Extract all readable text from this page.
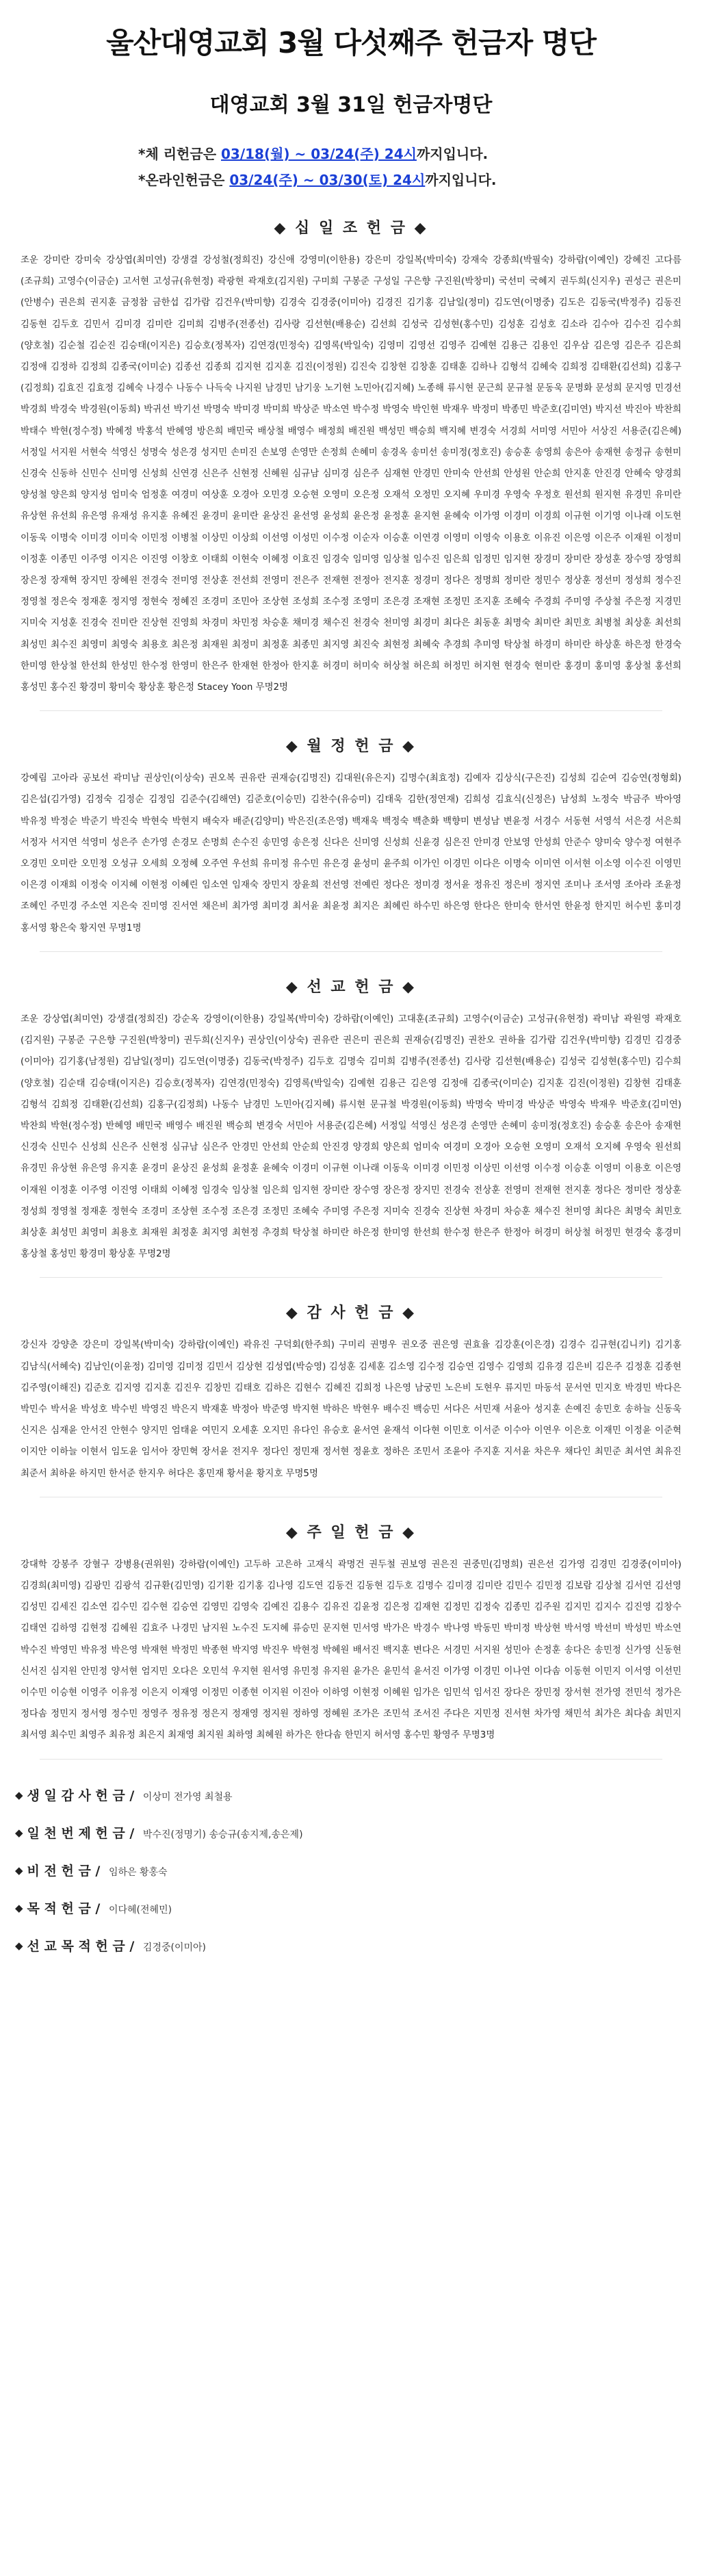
울산대영교회 3월 다섯째주 헌금자 명단
대영교회 3월 31일 헌금자명단
*체 리헌금은 03/18(월) ~ 03/24(주) 24시까지입니다.
*온라인헌금은 03/24(주) ~ 03/30(토) 24시까지입니다.
◆ 십 일 조 헌 금 ◆
조운 강미란 강미숙 강상엽(최미연) 강생결 강성철(정희진) 강신애 강영미(이한용) 강은미 강일복(박미숙) 강재숙 강종희(박필숙) 강하람(이예인) 강혜진 고다름(조규희) 고영수(이금순) 고서현 고성규(유현정) 곽광현 곽재호(김지원) 구미희 구봉준 구성일 구은향 구진원(박창미) 국선미 국혜지 권두희(신지우) 권성근 권은미(안병수) 권은희 권지훈 금정참 금한섭 김가람 김건우(박미향) 김경숙 김경중(이미아) 김경진 김기홍 김남일(정미) 김도연(이명중) 김도은 김동국(박정주) 김동진 김동현 김두호 김민서 김미경 김미란 김미희 김병주(전종선) 김사랑 김선현(배용순) 김선희 김성국 김성현(홍수민) 김성훈 김성호 김소라 김수아 김수진 김수희(양호철) 김순철 김순진 김승태(이지은) 김승호(정복자) 김연경(민정숙) 김영록(박일숙) 김영미 김영선 김영주 김예현 김용근 김용인 김우삼 김은영 김은주 김은희 김정애 김정하 김정희 김종국(이미순) 김종선 김종희 김지현 김지훈 김진(이정원) 김진숙 김창현 김창훈 김태훈 김하나 김형석 김혜숙 김희정 김태환(김선희) 김홍구(김정희) 김효진 김효정 김혜숙 나경수 나동수 나득숙 나지원 남경민 남기웅 노기현 노민아(김지혜) 노종해 류시현 문근희 문규철 문동욱 문명화 문성희 문지영 민경선 박경희 박경숙 박경원(이동희) 박귀선 박기선 박명숙 박미경 박미희 박상준 박소연 박수정 박영숙 박인현 박재우 박정미 박종민 박준호(김미연) 박지선 박진아 박찬희 박태수 박현(정수정) 박혜정 박홍석 반혜영 방은희 배민국 배상철 배영수 배정희 배진원 백성민 백승희 백지혜 변경숙 서경희 서미영 서민아 서상진 서용준(김은혜) 서정일 서지원 서현숙 석영신 성명숙 성은경 성지민 손미진 손보영 손영만 손정희 손혜미 송경옥 송미선 송미정(정호진) 송승훈 송영희 송은아 송재현 송정규 송현미 신경숙 신동하 신민수 신미영 신성희 신연경 신은주 신현정 신혜원 심규남 심미경 심은주 심재현 안경민 안미숙 안선희 안성원 안순희 안지훈 안진경 안혜숙 양경희 양성철 양은희 양지성 엄미숙 엄정훈 여경미 여상훈 오경아 오민경 오승현 오영미 오은정 오재석 오정민 오지혜 우미경 우영숙 우정호 원선희 원지현 유경민 유미란 유상현 유선희 유은영 유재성 유지훈 유혜진 윤경미 윤미란 윤상진 윤선영 윤성희 윤은정 윤정훈 윤지현 윤혜숙 이가영 이경미 이경희 이규현 이기영 이나래 이도현 이동욱 이명숙 이미경 이미숙 이민정 이병철 이상민 이상희 이선영 이성민 이수정 이순자 이승훈 이연경 이영미 이영숙 이용호 이유진 이은영 이은주 이재원 이정미 이정훈 이종민 이주영 이지은 이진영 이창호 이태희 이현숙 이혜정 이효진 임경숙 임미영 임상철 임수진 임은희 임정민 임지현 장경미 장미란 장성훈 장수영 장영희 장은정 장재혁 장지민 장혜원 전경숙 전미영 전상훈 전선희 전영미 전은주 전재현 전정아 전지훈 정경미 정다은 정명희 정미란 정민수 정상훈 정선미 정성희 정수진 정영철 정은숙 정재훈 정지영 정현숙 정혜진 조경미 조민아 조상현 조성희 조수정 조영미 조은경 조재현 조정민 조지훈 조혜숙 주경희 주미영 주상철 주은정 지경민 지미숙 지성훈 진경숙 진미란 진상현 진영희 차경미 차민정 차승훈 채미경 채수진 천경숙 천미영 최경미 최다은 최동훈 최명숙 최미란 최민호 최병철 최상훈 최선희 최성민 최수진 최영미 최영숙 최용호 최은정 최재원 최정미 최정훈 최종민 최지영 최진숙 최현정 최혜숙 추경희 추미영 탁상철 하경미 하미란 하상훈 하은정 한경숙 한미영 한상철 한선희 한성민 한수정 한영미 한은주 한재현 한정아 한지훈 허경미 허미숙 허상철 허은희 허정민 허지현 현경숙 현미란 홍경미 홍미영 홍상철 홍선희 홍성민 홍수진 황경미 황미숙 황상훈 황은정 Stacey Yoon 무명2명
◆ 월 정 헌 금 ◆
강예림 고아라 공보선 곽미남 권상인(이상숙) 권오복 권유란 권재승(김명진) 김대원(유은지) 김명수(최효정) 김예자 김상식(구은진) 김성희 김순여 김승연(정형회) 김은섭(김가영) 김정숙 김정순 김정임 김준수(김해연) 김준호(이승민) 김찬수(유승미) 김태욱 김한(정연재) 김희성 김효식(신정은) 남성희 노정숙 박금주 박아영 박유정 박정순 박준기 박진숙 박현숙 박현지 배숙자 배준(김양미) 박은진(조은영) 백재욱 백정숙 백춘화 백향미 변성남 변윤정 서경수 서동현 서영석 서은경 서은희 서정자 서지연 석영미 성은주 손가영 손경모 손명희 손수진 송민영 송은정 신다은 신미영 신성희 신윤경 심은진 안미경 안보영 안성희 안준수 양미숙 양수정 여현주 오경민 오미란 오민정 오성규 오세희 오정혜 오주연 우선희 유미정 유수민 유은경 윤성미 윤주희 이가인 이경민 이다은 이명숙 이미연 이서현 이소영 이수진 이영민 이은경 이재희 이정숙 이지혜 이현정 이혜린 임소연 임재숙 장민지 장윤희 전선영 전예린 정다은 정미경 정서윤 정유진 정은비 정지연 조미나 조서영 조아라 조윤정 조혜인 주민경 주소연 지은숙 진미영 진서연 채은비 최가영 최미경 최서윤 최윤정 최지은 최혜린 하수민 하은영 한다은 한미숙 한서연 한윤정 한지민 허수빈 홍미경 홍서영 황은숙 황지연 무명1명
◆ 선 교 헌 금 ◆
조운 강상엽(최미연) 강생결(정희진) 강순옥 강영이(이한용) 강일복(박미숙) 강하람(이예인) 고대훈(조규희) 고영수(이금순) 고성규(유현정) 곽미남 곽원영 곽재호(김지원) 구봉준 구은향 구진원(박창미) 권두희(신지우) 권상인(이상숙) 권유란 권은미 권은희 권재승(김명진) 권찬오 권하율 김가람 김건우(박미향) 김경민 김경중(이미아) 김기홍(남정원) 김남일(정미) 김도연(이명중) 김동국(박정주) 김두호 김명숙 김미희 김병주(전종선) 김사랑 김선현(배용순) 김성국 김성현(홍수민) 김수희(양호철) 김순태 김승태(이지은) 김승호(정복자) 김연경(민정숙) 김영록(박일숙) 김예현 김용근 김은영 김정애 김종국(이미순) 김지훈 김진(이정원) 김창현 김태훈 김형석 김희정 김태환(김선희) 김홍구(김정희) 나동수 남경민 노민아(김지혜) 류시현 문규철 박경원(이동희) 박명숙 박미경 박상준 박영숙 박재우 박준호(김미연) 박찬희 박현(정수정) 반혜영 배민국 배영수 배진원 백승희 변경숙 서민아 서용준(김은혜) 서정일 석영신 성은경 손영만 손혜미 송미정(정호진) 송승훈 송은아 송재현 신경숙 신민수 신성희 신은주 신현정 심규남 심은주 안경민 안선희 안순희 안진경 양경희 양은희 엄미숙 여경미 오경아 오승현 오영미 오재석 오지혜 우영숙 원선희 유경민 유상현 유은영 유지훈 윤경미 윤상진 윤성희 윤정훈 윤혜숙 이경미 이규현 이나래 이동욱 이미경 이민정 이상민 이선영 이수정 이승훈 이영미 이용호 이은영 이재원 이정훈 이주영 이진영 이태희 이혜정 임경숙 임상철 임은희 임지현 장미란 장수영 장은정 장지민 전경숙 전상훈 전영미 전재현 전지훈 정다은 정미란 정상훈 정성희 정영철 정재훈 정현숙 조경미 조상현 조수정 조은경 조정민 조혜숙 주미영 주은정 지미숙 진경숙 진상현 차경미 차승훈 채수진 천미영 최다은 최명숙 최민호 최상훈 최성민 최영미 최용호 최재원 최정훈 최지영 최현정 추경희 탁상철 하미란 하은정 한미영 한선희 한수정 한은주 한정아 허경미 허상철 허정민 현경숙 홍경미 홍상철 홍성민 황경미 황상훈 무명2명
◆ 감 사 헌 금 ◆
강신자 강양춘 강은미 강일복(박미숙) 강하람(이예인) 곽유진 구덕회(한주희) 구미리 권명우 권오중 권은영 권효율 김강훈(이은경) 김경수 김규현(김니키) 김기홍 김남식(서혜숙) 김남인(이윤정) 김미영 김미정 김민서 김상현 김성엽(박승영) 김성훈 김세훈 김소영 김수정 김승연 김영수 김영희 김유경 김은비 김은주 김정훈 김종현 김주영(이해진) 김준호 김지영 김지훈 김진우 김창민 김태호 김하은 김현수 김혜진 김희정 나은영 남궁민 노은비 도현우 류지민 마동석 문서연 민지호 박경민 박다은 박민수 박서윤 박성호 박수빈 박영진 박은지 박재훈 박정아 박준영 박지현 박하은 박현우 배수진 백승민 서다은 서민재 서윤아 성지훈 손예진 송민호 송하늘 신동욱 신지은 심재윤 안서진 안현수 양지민 엄태윤 여민지 오세훈 오지민 유다인 유승호 윤서연 윤재석 이다현 이민호 이서준 이수아 이연우 이은호 이재민 이정윤 이준혁 이지안 이하늘 이현서 임도윤 임서아 장민혁 장서윤 전지우 정다인 정민재 정서현 정윤호 정하은 조민서 조윤아 주지훈 지서윤 차은우 채다인 최민준 최서연 최유진 최준서 최하윤 하지민 한서준 한지우 허다은 홍민재 황서윤 황지호 무명5명
◆ 주 일 헌 금 ◆
강대학 강봉주 강혈구 강병용(권위원) 강하람(이예인) 고두하 고은하 고재식 곽명건 권두철 권보영 권은진 권중민(김명희) 권은선 김가영 김경민 김경중(이미아) 김경희(최미영) 김광민 김광석 김규환(김민영) 김기환 김기홍 김나영 김도연 김동건 김동현 김두호 김명수 김미경 김미란 김민수 김민정 김보람 김상철 김서연 김선영 김성민 김세진 김소연 김수민 김수현 김승연 김영민 김영숙 김예진 김용수 김유진 김윤정 김은정 김재현 김정민 김정숙 김종민 김주원 김지민 김지수 김진영 김창수 김태연 김하영 김현정 김혜원 김효주 나경민 남지원 노수진 도지혜 류승민 문지현 민서영 박가은 박경수 박나영 박동민 박미정 박상현 박서영 박선미 박성민 박소연 박수진 박영민 박유정 박은영 박재현 박정민 박종현 박지영 박진우 박현정 박혜원 배서진 백지훈 변다은 서경민 서지원 성민아 손정훈 송다은 송민정 신가영 신동현 신서진 심지원 안민정 양서현 엄지민 오다은 오민석 우지현 원서영 유민정 유지원 윤가은 윤민석 윤서진 이가영 이경민 이나연 이다솜 이동현 이민지 이서영 이선민 이수민 이승현 이영주 이유정 이은지 이재영 이정민 이종현 이지원 이진아 이하영 이현정 이혜원 임가은 임민석 임서진 장다은 장민정 장서현 전가영 전민석 정가은 정다솜 정민지 정서영 정수민 정영주 정유정 정은지 정재영 정지원 정하영 정혜원 조가은 조민석 조서진 주다은 지민정 진서현 차가영 채민석 최가은 최다솜 최민지 최서영 최수민 최영주 최유정 최은지 최재영 최지원 최하영 최혜원 하가은 한다솜 한민지 허서영 홍수민 황영주 무명3명
◆ 생 일 감 사 헌 금 / 이상미 전가영 최철용
◆ 일 천 번 제 헌 금 / 박수진(정명기) 송승규(송지제,송은제)
◆ 비 전 헌 금 / 임하은 황홍숙
◆ 목 적 헌 금 / 이다혜(전혜민)
◆ 선 교 목 적 헌 금 / 김경중(이미아)
